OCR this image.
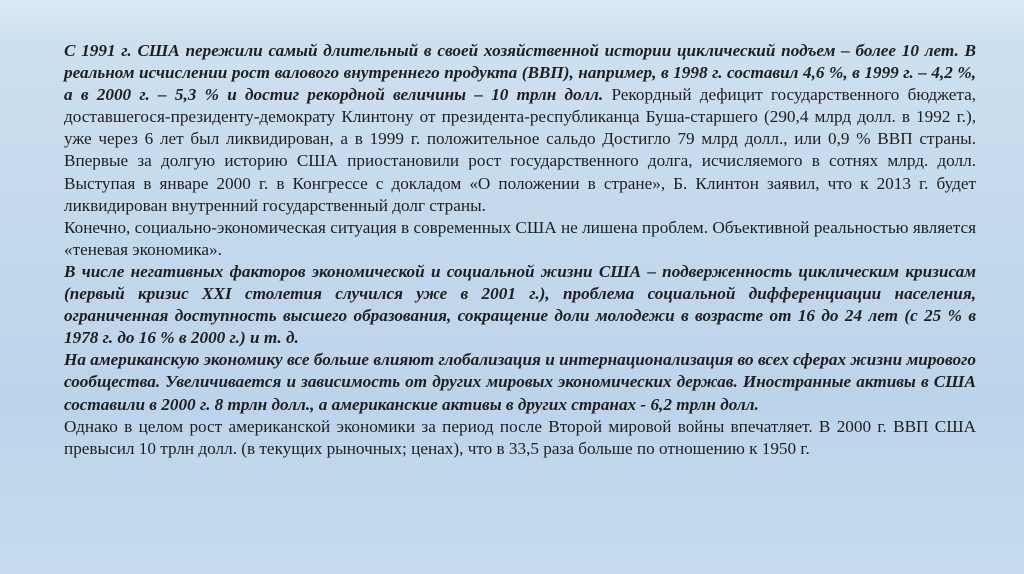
С 1991 г. США пережили самый длительный в своей хозяйственной истории циклический подъем – более 10 лет. В реальном исчислении рост валового внутреннего продукта (ВВП), например, в 1998 г. составил 4,6 %, в 1999 г. – 4,2 %, а в 2000 г. – 5,3 % и достиг рекордной величины – 10 трлн долл. Рекордный дефицит государственного бюджета, доставшегося-президенту-демократу Клинтону от президента-республиканца Буша-старшего (290,4 млрд долл. в 1992 г.), уже через 6 лет был ликвидирован, а в 1999 г. положительное сальдо Достигло 79 млрд долл., или 0,9 % ВВП страны. Впервые за долгую историю США приостановили рост государственного долга, исчисляемого в сотнях млрд. долл. Выступая в январе 2000 г. в Конгрессе с докладом «О положении в стране», Б. Клинтон заявил, что к 2013 г. будет ликвидирован внутренний государственный долг страны.

Конечно, социально-экономическая ситуация в современных США не лишена проблем. Объективной реальностью является «теневая экономика».

В числе негативных факторов экономической и социальной жизни США – подверженность циклическим кризисам (первый кризис XXI столетия случился уже в 2001 г.), проблема социальной дифференциации населения, ограниченная доступность высшего образования, сокращение доли молодежи в возрасте от 16 до 24 лет (с 25 % в 1978 г. до 16 % в 2000 г.) и т. д.

На американскую экономику все больше влияют глобализация и интернационализация во всех сферах жизни мирового сообщества. Увеличивается и зависимость от других мировых экономических держав. Иностранные активы в США составили в 2000 г. 8 трлн долл., а американские активы в других странах - 6,2 трлн долл.

Однако в целом рост американской экономики за период после Второй мировой войны впечатляет. В 2000 г. ВВП США превысил 10 трлн долл. (в текущих рыночных; ценах), что в 33,5 раза больше по отношению к 1950 г.
